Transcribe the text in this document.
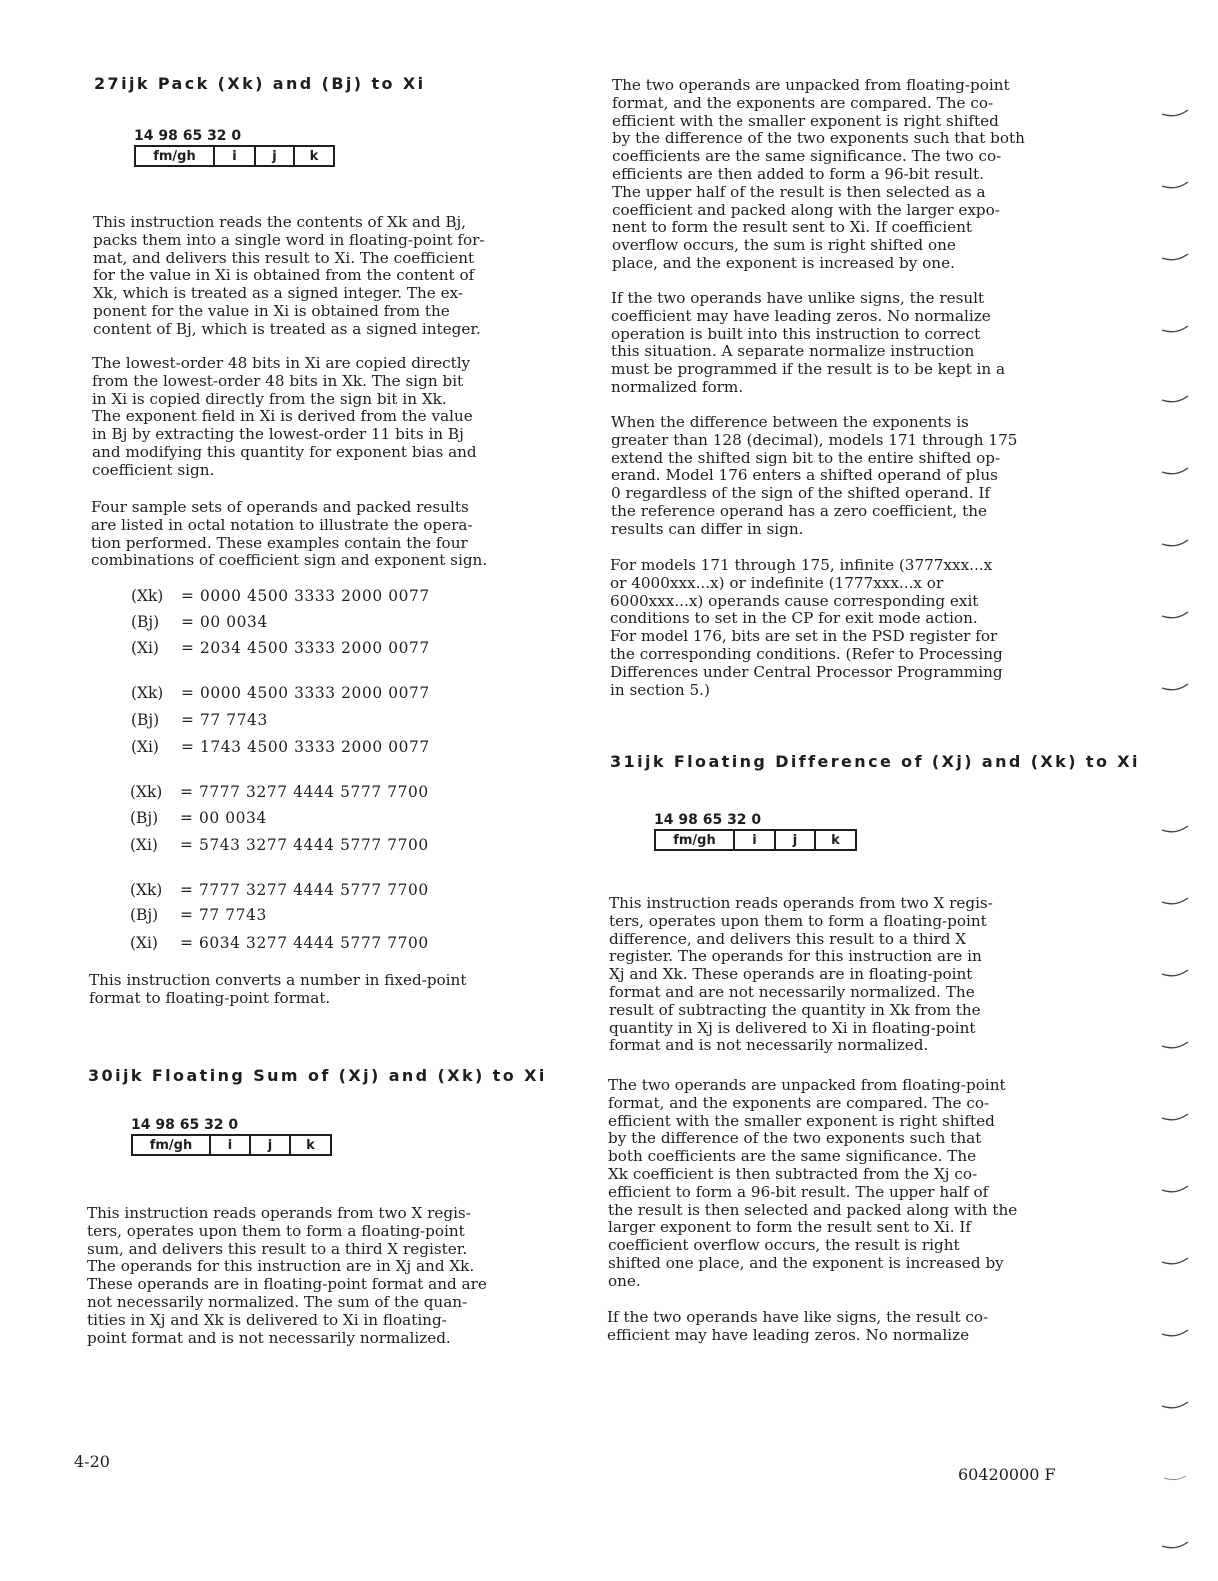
27ijk Pack (Xk) and (Bj) to Xi
14 98 65 32 0
fm/gh	i	j	k
This instruction reads the contents of Xk and Bj,
packs them into a single word in floating-point for-
mat, and delivers this result to Xi. The coefficient
for the value in Xi is obtained from the content of
Xk, which is treated as a signed integer. The ex-
ponent for the value in Xi is obtained from the
content of Bj, which is treated as a signed integer.
The lowest-order 48 bits in Xi are copied directly
from the lowest-order 48 bits in Xk. The sign bit
in Xi is copied directly from the sign bit in Xk.
The exponent field in Xi is derived from the value
in Bj by extracting the lowest-order 11 bits in Bj
and modifying this quantity for exponent bias and
coefficient sign.
Four sample sets of operands and packed results
are listed in octal notation to illustrate the opera-
tion performed. These examples contain the four
combinations of coefficient sign and exponent sign.
(Xk)	= 0000 4500 3333 2000 0077
(Bj)	= 00 0034
(Xi)	= 2034 4500 3333 2000 0077
(Xk)	= 0000 4500 3333 2000 0077
(Bj)	= 77 7743
(Xi)	= 1743 4500 3333 2000 0077
(Xk)	= 7777 3277 4444 5777 7700
(Bj)	= 00 0034
(Xi)	= 5743 3277 4444 5777 7700
(Xk)	= 7777 3277 4444 5777 7700
(Bj)	= 77 7743
(Xi)	= 6034 3277 4444 5777 7700
This instruction converts a number in fixed-point
format to floating-point format.
30ijk Floating Sum of (Xj) and (Xk) to Xi
14 98 65 32 0
fm/gh	i	j	k
This instruction reads operands from two X regis-
ters, operates upon them to form a floating-point
sum, and delivers this result to a third X register.
The operands for this instruction are in Xj and Xk.
These operands are in floating-point format and are
not necessarily normalized. The sum of the quan-
tities in Xj and Xk is delivered to Xi in floating-
point format and is not necessarily normalized.
The two operands are unpacked from floating-point
format, and the exponents are compared. The co-
efficient with the smaller exponent is right shifted
by the difference of the two exponents such that both
coefficients are the same significance. The two co-
efficients are then added to form a 96-bit result.
The upper half of the result is then selected as a
coefficient and packed along with the larger expo-
nent to form the result sent to Xi. If coefficient
overflow occurs, the sum is right shifted one
place, and the exponent is increased by one.
If the two operands have unlike signs, the result
coefficient may have leading zeros. No normalize
operation is built into this instruction to correct
this situation. A separate normalize instruction
must be programmed if the result is to be kept in a
normalized form.
When the difference between the exponents is
greater than 128 (decimal), models 171 through 175
extend the shifted sign bit to the entire shifted op-
erand. Model 176 enters a shifted operand of plus
0 regardless of the sign of the shifted operand. If
the reference operand has a zero coefficient, the
results can differ in sign.
For models 171 through 175, infinite (3777xxx...x
or 4000xxx...x) or indefinite (1777xxx...x or
6000xxx...x) operands cause corresponding exit
conditions to set in the CP for exit mode action.
For model 176, bits are set in the PSD register for
the corresponding conditions. (Refer to Processing
Differences under Central Processor Programming
in section 5.)
31ijk Floating Difference of (Xj) and (Xk) to Xi
14 98 65 32 0
fm/gh	i	j	k
This instruction reads operands from two X regis-
ters, operates upon them to form a floating-point
difference, and delivers this result to a third X
register. The operands for this instruction are in
Xj and Xk. These operands are in floating-point
format and are not necessarily normalized. The
result of subtracting the quantity in Xk from the
quantity in Xj is delivered to Xi in floating-point
format and is not necessarily normalized.
The two operands are unpacked from floating-point
format, and the exponents are compared. The co-
efficient with the smaller exponent is right shifted
by the difference of the two exponents such that
both coefficients are the same significance. The
Xk coefficient is then subtracted from the Xj co-
efficient to form a 96-bit result. The upper half of
the result is then selected and packed along with the
larger exponent to form the result sent to Xi. If
coefficient overflow occurs, the result is right
shifted one place, and the exponent is increased by
one.
If the two operands have like signs, the result co-
efficient may have leading zeros. No normalize
4-20
60420000 F
